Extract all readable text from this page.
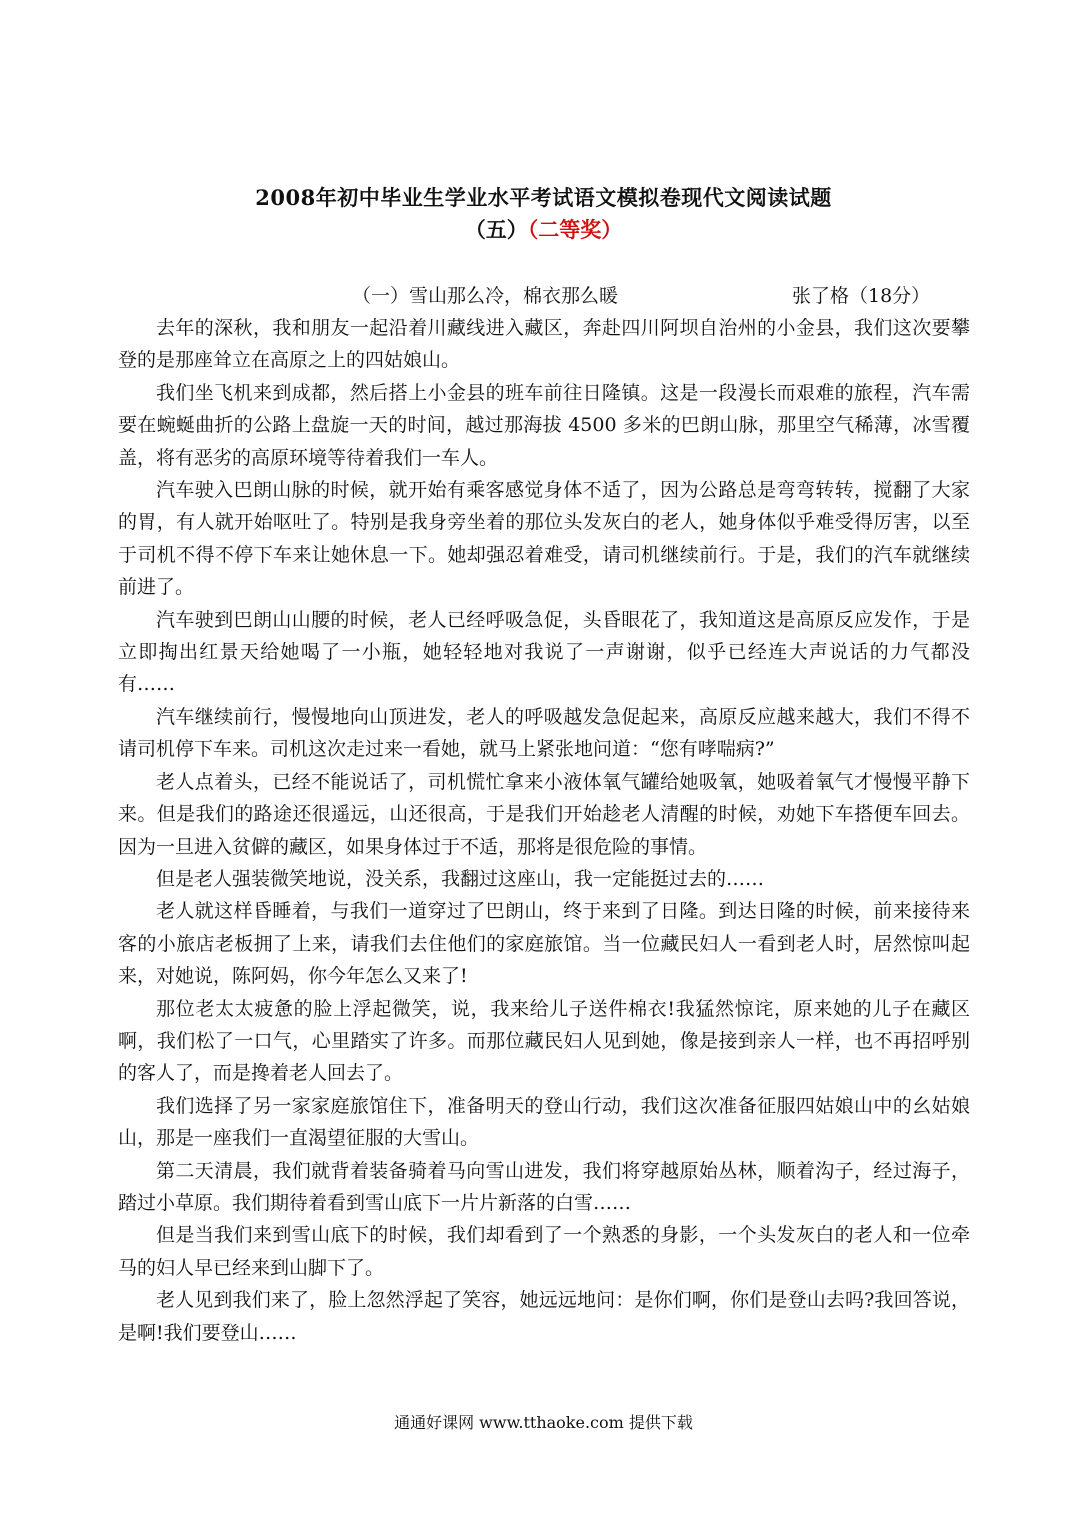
2008年初中毕业生学业水平考试语文模拟卷现代文阅读试题
（五）（二等奖）
（一）雪山那么冷，棉衣那么暖	张了格（18分）

去年的深秋，我和朋友一起沿着川藏线进入藏区，奔赴四川阿坝自治州的小金县，我们这次要攀登的是那座耸立在高原之上的四姑娘山。

我们坐飞机来到成都，然后搭上小金县的班车前往日隆镇。这是一段漫长而艰难的旅程，汽车需要在蜿蜒曲折的公路上盘旋一天的时间，越过那海拔 4500 多米的巴朗山脉，那里空气稀薄，冰雪覆盖，将有恶劣的高原环境等待着我们一车人。

汽车驶入巴朗山脉的时候，就开始有乘客感觉身体不适了，因为公路总是弯弯转转，搅翻了大家的胃，有人就开始呕吐了。特别是我身旁坐着的那位头发灰白的老人，她身体似乎难受得厉害，以至于司机不得不停下车来让她休息一下。她却强忍着难受，请司机继续前行。于是，我们的汽车就继续前进了。

汽车驶到巴朗山山腰的时候，老人已经呼吸急促，头昏眼花了，我知道这是高原反应发作，于是立即掏出红景天给她喝了一小瓶，她轻轻地对我说了一声谢谢，似乎已经连大声说话的力气都没有……

汽车继续前行，慢慢地向山顶进发，老人的呼吸越发急促起来，高原反应越来越大，我们不得不请司机停下车来。司机这次走过来一看她，就马上紧张地问道：“您有哮喘病?”

老人点着头，已经不能说话了，司机慌忙拿来小液体氧气罐给她吸氧，她吸着氧气才慢慢平静下来。但是我们的路途还很遥远，山还很高，于是我们开始趁老人清醒的时候，劝她下车搭便车回去。因为一旦进入贫僻的藏区，如果身体过于不适，那将是很危险的事情。

但是老人强装微笑地说，没关系，我翻过这座山，我一定能挺过去的……

老人就这样昏睡着，与我们一道穿过了巴朗山，终于来到了日隆。到达日隆的时候，前来接待来客的小旅店老板拥了上来，请我们去住他们的家庭旅馆。当一位藏民妇人一看到老人时，居然惊叫起来，对她说，陈阿妈，你今年怎么又来了!

那位老太太疲惫的脸上浮起微笑，说，我来给儿子送件棉衣!我猛然惊诧，原来她的儿子在藏区啊，我们松了一口气，心里踏实了许多。而那位藏民妇人见到她，像是接到亲人一样，也不再招呼别的客人了，而是搀着老人回去了。

我们选择了另一家家庭旅馆住下，准备明天的登山行动，我们这次准备征服四姑娘山中的幺姑娘山，那是一座我们一直渴望征服的大雪山。

第二天清晨，我们就背着装备骑着马向雪山进发，我们将穿越原始丛林，顺着沟子，经过海子，踏过小草原。我们期待着看到雪山底下一片片新落的白雪……

但是当我们来到雪山底下的时候，我们却看到了一个熟悉的身影，一个头发灰白的老人和一位牵马的妇人早已经来到山脚下了。

老人见到我们来了，脸上忽然浮起了笑容，她远远地问：是你们啊，你们是登山去吗?我回答说，是啊!我们要登山……

通通好课网 www.tthaoke.com 提供下载
